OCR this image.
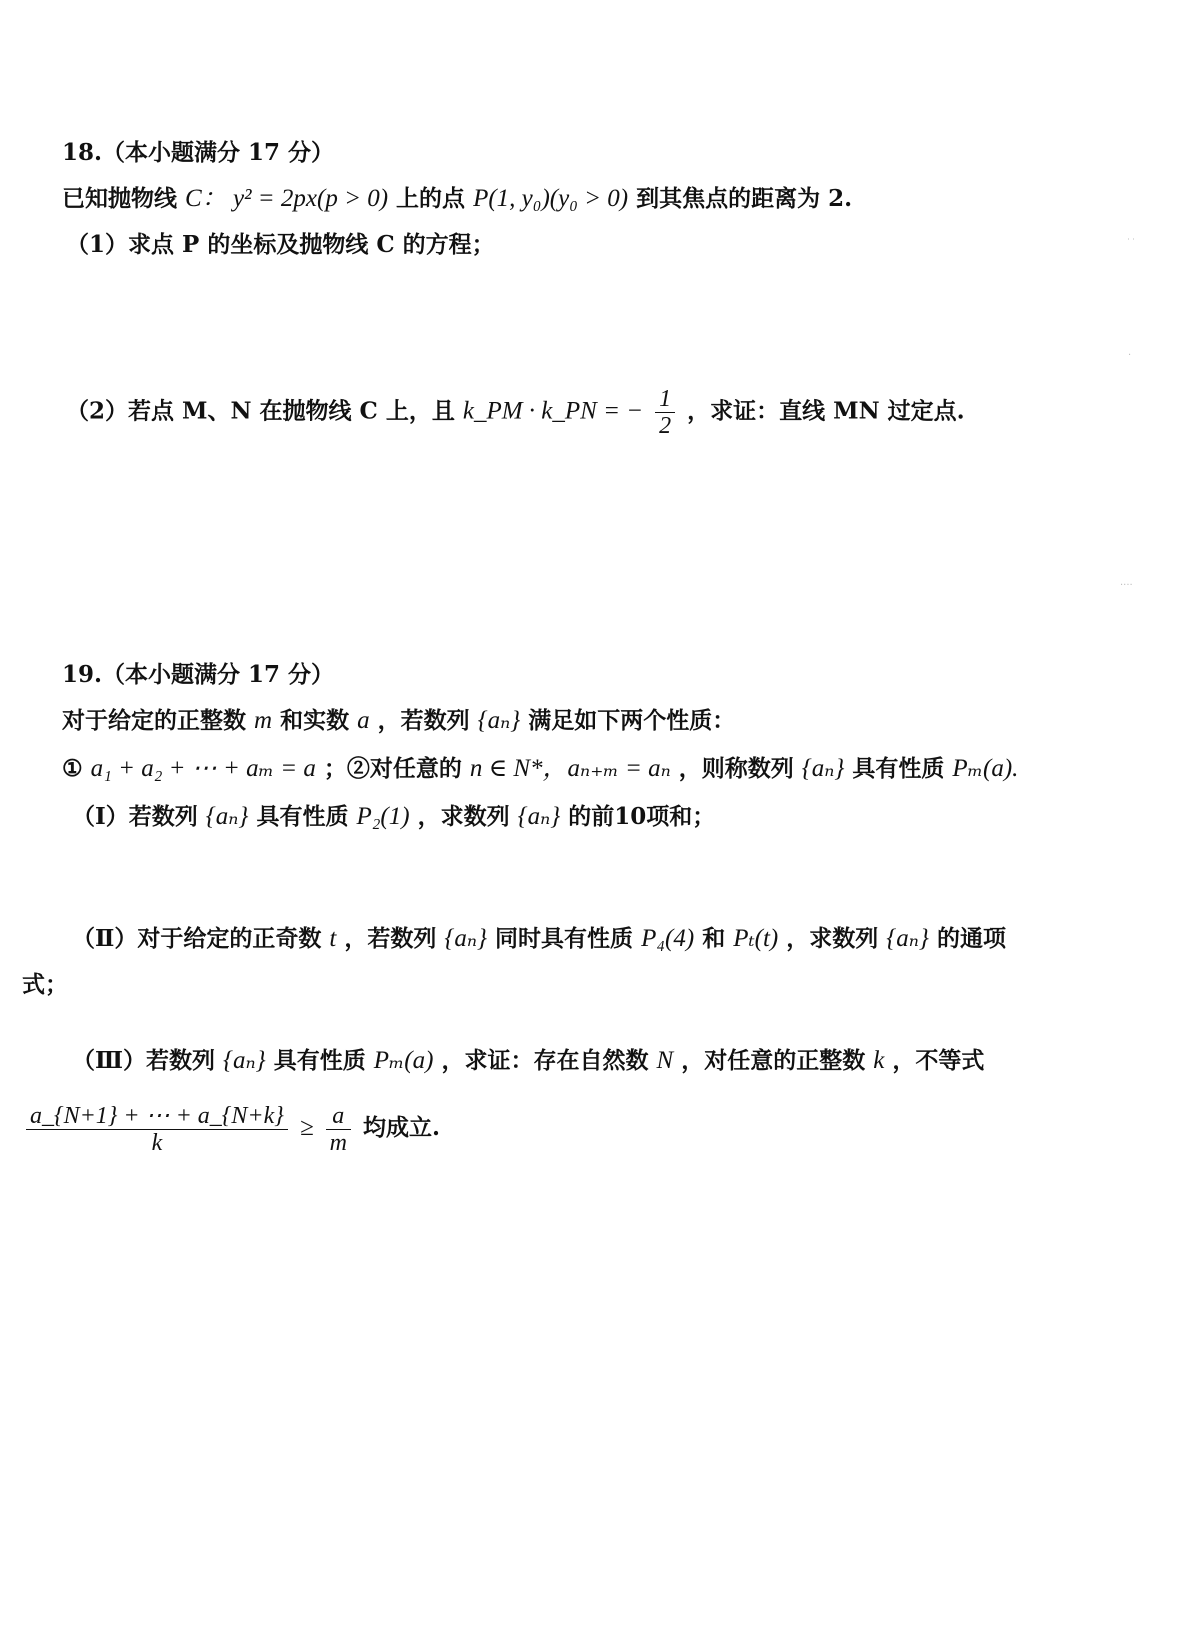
18.（本小题满分 17 分）
已知抛物线 C： y² = 2px(p > 0) 上的点 P(1, y₀)(y₀ > 0) 到其焦点的距离为 2.
（1）求点 P 的坐标及抛物线 C 的方程；
（2）若点 M、N 在抛物线 C 上，且 k_PM · k_PN = − $\frac{1}{2}$ ，求证：直线 MN 过定点.
19.（本小题满分 17 分）
对于给定的正整数 m 和实数 a ，若数列 {aₙ} 满足如下两个性质：
① a₁ + a₂ + ⋯ + aₘ = a ；②对任意的 n ∈ N*，aₙ₊ₘ = aₙ ，则称数列 {aₙ} 具有性质 Pₘ(a).
（Ⅰ）若数列 {aₙ} 具有性质 P₂(1) ，求数列 {aₙ} 的前10项和；
（Ⅱ）对于给定的正奇数 t ，若数列 {aₙ} 同时具有性质 P₄(4) 和 Pₜ(t) ，求数列 {aₙ} 的通项
式；
（Ⅲ）若数列 {aₙ} 具有性质 Pₘ(a) ，求证：存在自然数 N ，对任意的正整数 k ，不等式
$\frac{a\_\{N+1\} + \cdots + a\_\{N+k\}}{k} \ge \frac{a}{m}$ 均成立.
˙˙
·
····
